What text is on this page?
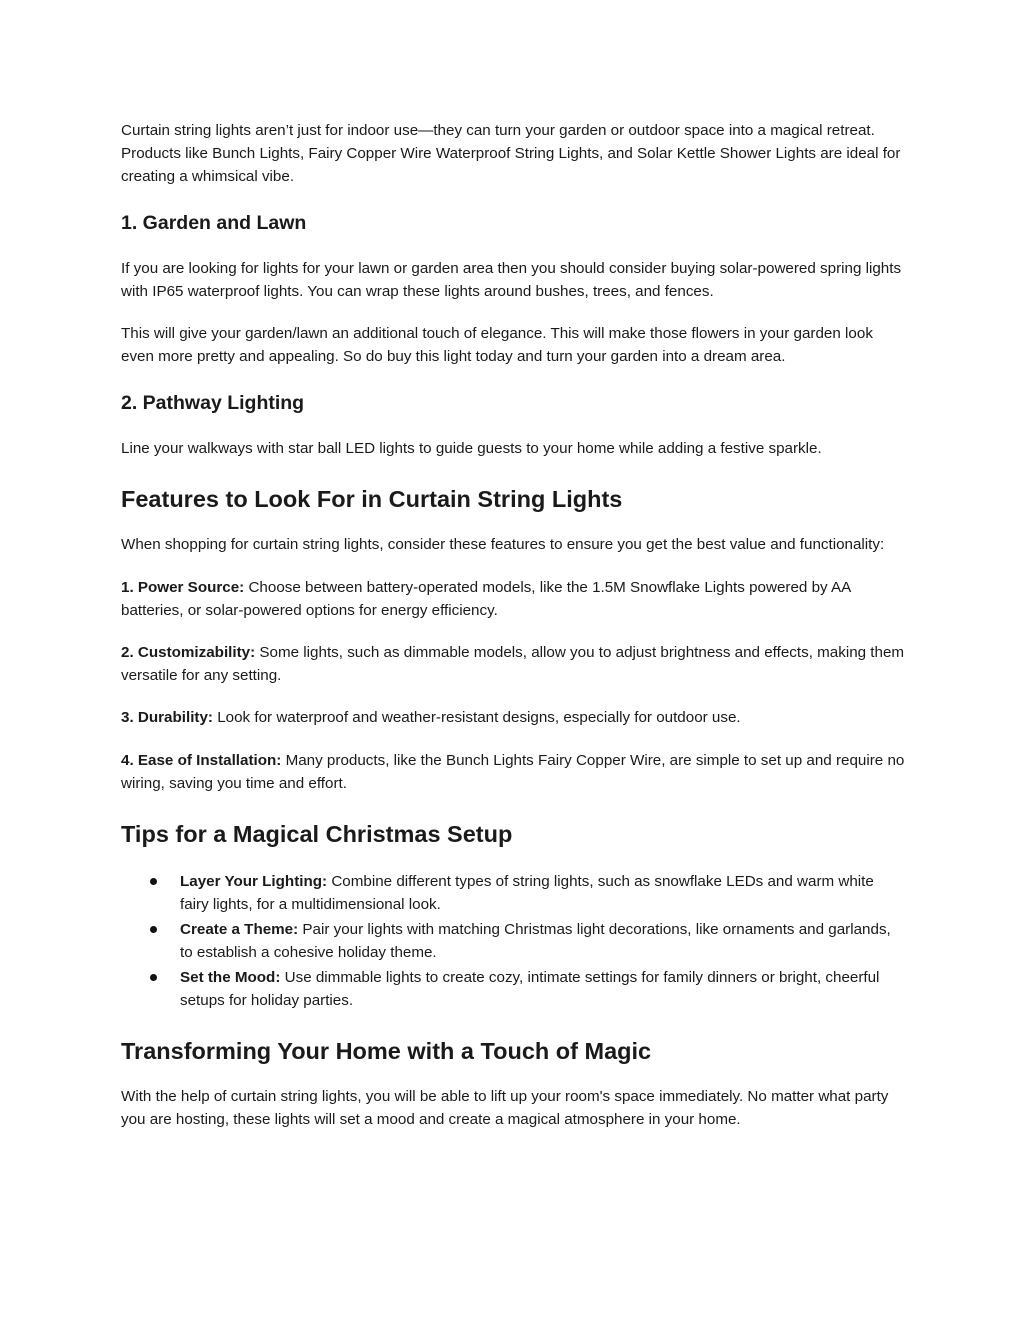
Curtain string lights aren’t just for indoor use—they can turn your garden or outdoor space into a magical retreat. Products like Bunch Lights, Fairy Copper Wire Waterproof String Lights, and Solar Kettle Shower Lights are ideal for creating a whimsical vibe.

1. Garden and Lawn

If you are looking for lights for your lawn or garden area then you should consider buying solar-powered spring lights with IP65 waterproof lights. You can wrap these lights around bushes, trees, and fences.

This will give your garden/lawn an additional touch of elegance. This will make those flowers in your garden look even more pretty and appealing. So do buy this light today and turn your garden into a dream area.

2. Pathway Lighting

Line your walkways with star ball LED lights to guide guests to your home while adding a festive sparkle.

Features to Look For in Curtain String Lights

When shopping for curtain string lights, consider these features to ensure you get the best value and functionality:

1. Power Source: Choose between battery-operated models, like the 1.5M Snowflake Lights powered by AA batteries, or solar-powered options for energy efficiency.

2. Customizability: Some lights, such as dimmable models, allow you to adjust brightness and effects, making them versatile for any setting.

3. Durability: Look for waterproof and weather-resistant designs, especially for outdoor use.

4. Ease of Installation: Many products, like the Bunch Lights Fairy Copper Wire, are simple to set up and require no wiring, saving you time and effort.

Tips for a Magical Christmas Setup
Layer Your Lighting: Combine different types of string lights, such as snowflake LEDs and warm white fairy lights, for a multidimensional look.
Create a Theme: Pair your lights with matching Christmas light decorations, like ornaments and garlands, to establish a cohesive holiday theme.
Set the Mood: Use dimmable lights to create cozy, intimate settings for family dinners or bright, cheerful setups for holiday parties.
Transforming Your Home with a Touch of Magic

With the help of curtain string lights, you will be able to lift up your room's space immediately. No matter what party you are hosting, these lights will set a mood and create a magical atmosphere in your home.
